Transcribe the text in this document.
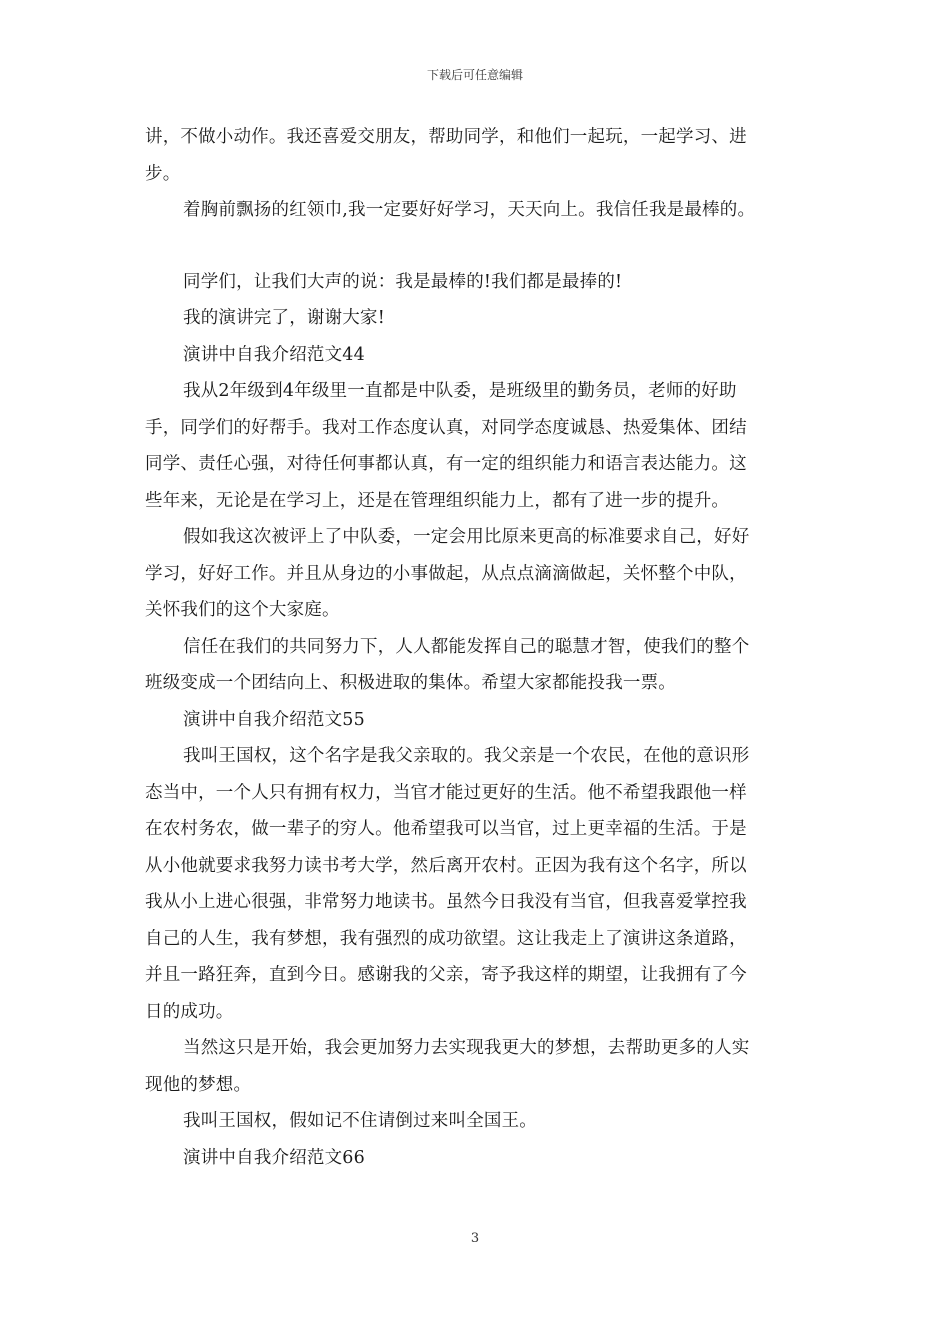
下载后可任意编辑
讲，不做小动作。我还喜爱交朋友，帮助同学，和他们一起玩，一起学习、进
步。
着胸前飘扬的红领巾,我一定要好好学习，天天向上。我信任我是最棒的。
同学们，让我们大声的说：我是最棒的!我们都是最捧的!
我的演讲完了，谢谢大家!
演讲中自我介绍范文44
我从2年级到4年级里一直都是中队委，是班级里的勤务员，老师的好助
手，同学们的好帮手。我对工作态度认真，对同学态度诚恳、热爱集体、团结
同学、责任心强，对待任何事都认真，有一定的组织能力和语言表达能力。这
些年来，无论是在学习上，还是在管理组织能力上，都有了进一步的提升。
假如我这次被评上了中队委，一定会用比原来更高的标准要求自己，好好
学习，好好工作。并且从身边的小事做起，从点点滴滴做起，关怀整个中队，
关怀我们的这个大家庭。
信任在我们的共同努力下，人人都能发挥自己的聪慧才智，使我们的整个
班级变成一个团结向上、积极进取的集体。希望大家都能投我一票。
演讲中自我介绍范文55
我叫王国权，这个名字是我父亲取的。我父亲是一个农民，在他的意识形
态当中，一个人只有拥有权力，当官才能过更好的生活。他不希望我跟他一样
在农村务农，做一辈子的穷人。他希望我可以当官，过上更幸福的生活。于是
从小他就要求我努力读书考大学，然后离开农村。正因为我有这个名字，所以
我从小上进心很强，非常努力地读书。虽然今日我没有当官，但我喜爱掌控我
自己的人生，我有梦想，我有强烈的成功欲望。这让我走上了演讲这条道路，
并且一路狂奔，直到今日。感谢我的父亲，寄予我这样的期望，让我拥有了今
日的成功。
当然这只是开始，我会更加努力去实现我更大的梦想，去帮助更多的人实
现他的梦想。
我叫王国权，假如记不住请倒过来叫全国王。
演讲中自我介绍范文66
3
